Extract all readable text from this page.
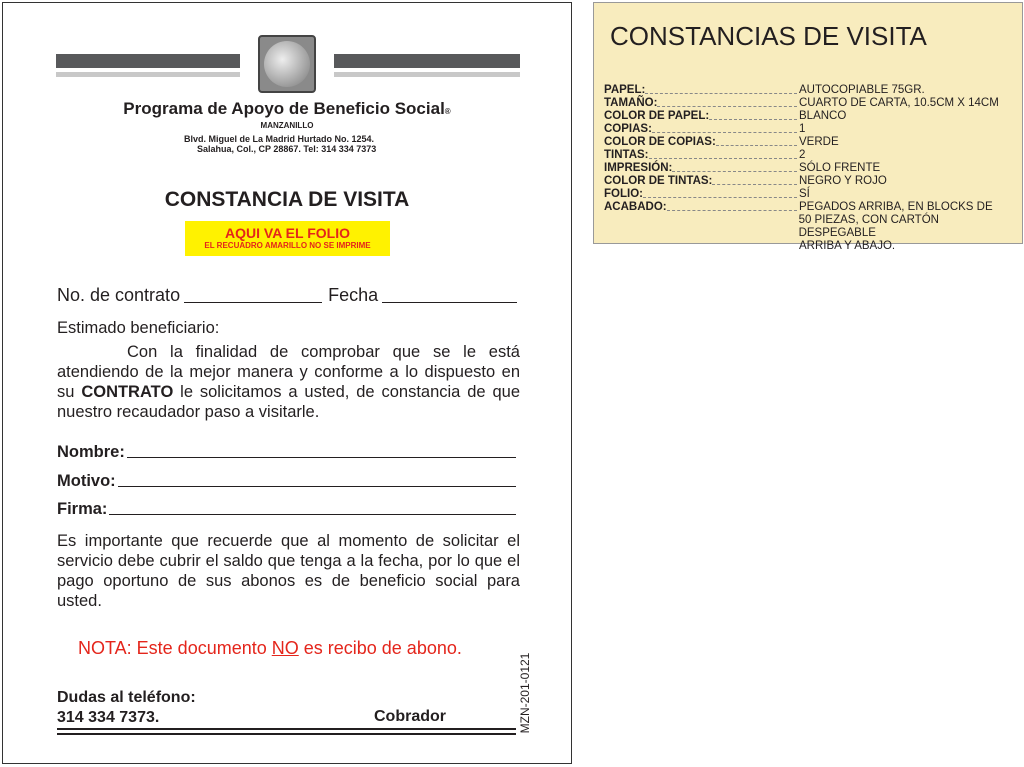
Programa de Apoyo de Beneficio Social®
MANZANILLO
Blvd. Miguel de La Madrid Hurtado No. 1254.
Salahua, Col., CP 28867. Tel: 314 334 7373
CONSTANCIA DE VISITA
AQUI VA EL FOLIO
EL RECUADRO AMARILLO NO SE IMPRIME
No. de contrato	Fecha
Estimado beneficiario:
Con la finalidad de comprobar que se le está atendiendo de la mejor manera y conforme a lo dispuesto en su CONTRATO le solicitamos a usted, de constancia de que nuestro recaudador paso a visitarle.
Nombre:
Motivo:
Firma:
Es importante que recuerde que al momento de solicitar el servicio debe cubrir el saldo que tenga a la fecha, por lo que el pago oportuno de sus abonos es de beneficio social para usted.
NOTA: Este documento NO es recibo de abono.
Dudas al teléfono:
314 334 7373.	Cobrador	MZN-201-0121
CONSTANCIAS DE VISITA
PAPEL:	AUTOCOPIABLE 75GR.
TAMAÑO:	CUARTO DE CARTA, 10.5CM X 14CM
COLOR DE PAPEL:	BLANCO
COPIAS:	1
COLOR DE COPIAS:	VERDE
TINTAS:	2
IMPRESIÓN:	SÓLO FRENTE
COLOR DE TINTAS:	NEGRO Y ROJO
FOLIO:	SÍ
ACABADO:	PEGADOS ARRIBA, EN BLOCKS DE
50 PIEZAS, CON CARTÓN DESPEGABLE
ARRIBA Y ABAJO.
